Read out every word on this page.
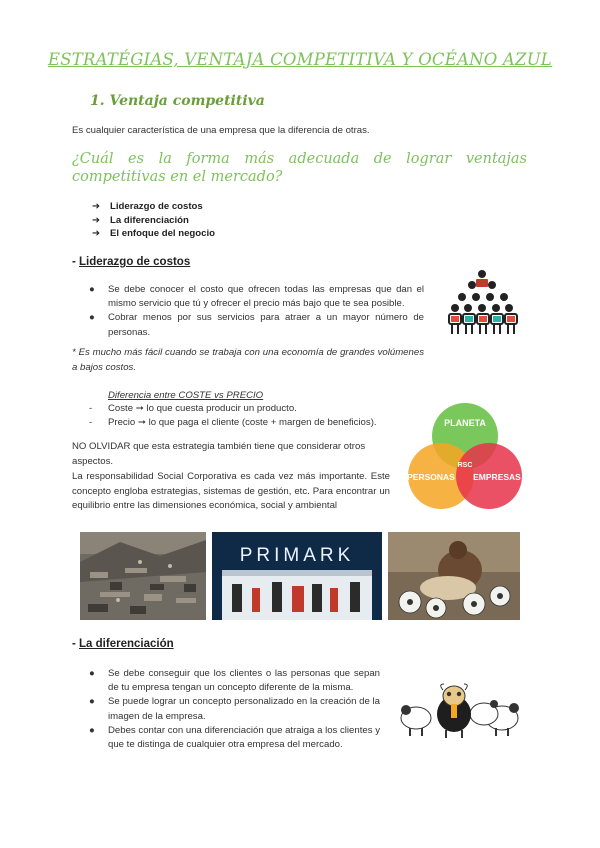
ESTRATÉGIAS, VENTAJA COMPETITIVA Y OCÉANO AZUL
1. Ventaja competitiva
Es cualquier característica de una empresa que la diferencia de otras.
¿Cuál es la forma más adecuada de lograr ventajas competitivas en el mercado?
➔	Liderazgo de costos
➔	La diferenciación
➔	El enfoque del negocio
- Liderazgo de costos
● Se debe conocer el costo que ofrecen todas las empresas que dan el mismo servicio que tú y ofrecer el precio más bajo que te sea posible.
● Cobrar menos por sus servicios para atraer a un mayor número de personas.
* Es mucho más fácil cuando se trabaja con una economía de grandes volúmenes a bajos costos.
Diferencia entre COSTE vs PRECIO
- Coste ➞ lo que cuesta producir un producto.
- Precio ➞ lo que paga el cliente (coste + margen de beneficios).
NO OLVIDAR que esta estrategia también tiene que considerar otros aspectos.
La responsabilidad Social Corporativa es cada vez más importante. Este concepto engloba estrategias, sistemas de gestión, etc. Para encontrar un equilibrio entre las dimensiones económica, social y ambiental
PLANETA
PERSONAS EMPRESAS
RSC
PRIMARK
- La diferenciación
● Se debe conseguir que los clientes o las personas que sepan de tu empresa tengan un concepto diferente de la misma.
● Se puede lograr un concepto personalizado en la creación de la imagen de la empresa.
● Debes contar con una diferenciación que atraiga a los clientes y que te distinga de cualquier otra empresa del mercado.
